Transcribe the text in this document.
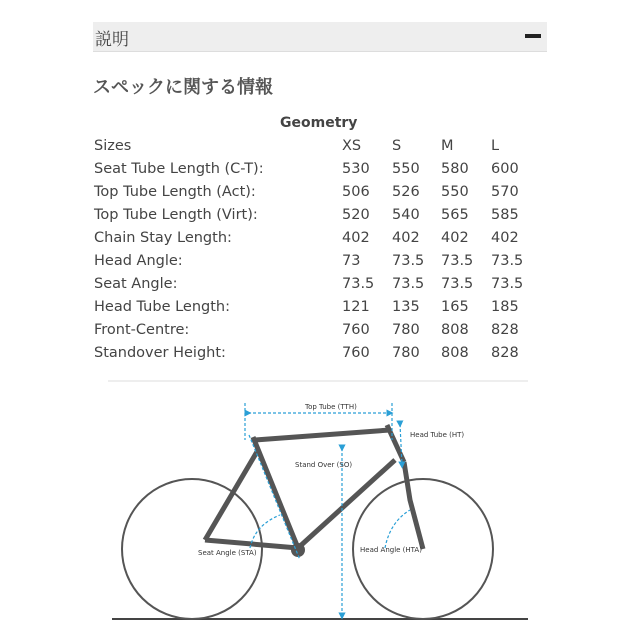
説明
スペックに関する情報
Geometry
Sizes	XS S	M	L
Seat Tube Length (C-T):	530 550 580 600
Top Tube Length (Act):	506 526 550 570
Top Tube Length (Virt):	520 540 565 585
Chain Stay Length:	402 402 402 402
Head Angle:	73 73.5 73.5 73.5
Seat Angle:	73.5 73.5 73.5 73.5
Head Tube Length:	121 135 165 185
Front-Centre:	760 780 808 828
Standover Height:	760 780 808 828
Top Tube (TTH)
Head Tube (HT)
Stand Over (SO)
Seat Angle (STA)	Head Angle (HTA)
